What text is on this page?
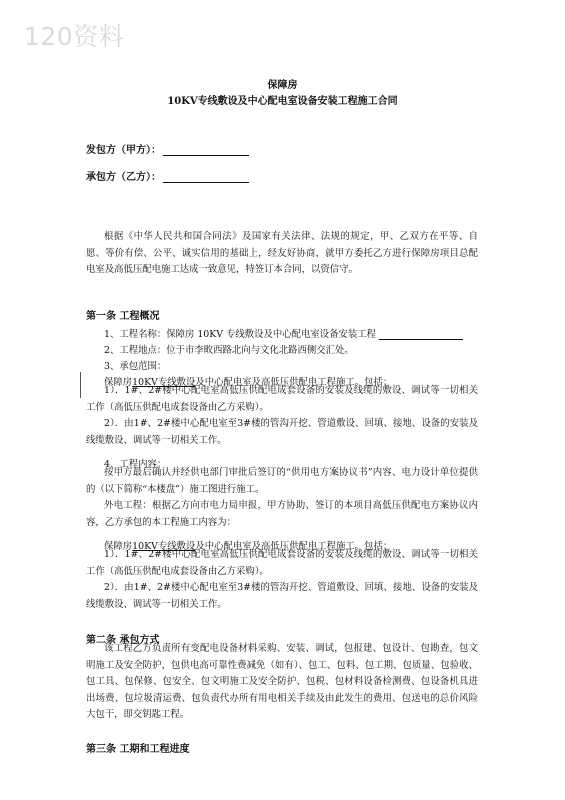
120资料
保障房
10KV专线敷设及中心配电室设备安装工程施工合同
发包方（甲方）：
承包方（乙方）：
根据《中华人民共和国合同法》及国家有关法律、法规的规定，甲、乙双方在平等、自愿、等价有偿、公平、诚实信用的基础上，经友好协商，就甲方委托乙方进行保障房项目总配电室及高低压配电施工达成一致意见，特签订本合同，以资信守。
第一条 工程概况
1、工程名称：保障房 10KV 专线敷设及中心配电室设备安装工程
2、工程地点：位于市李畋西路北向与文化北路西侧交汇处。
3、承包范围：
保障房10KV专线敷设及中心配电室及高低压供配电工程施工。包括：
1）．1#、2#楼中心配电室高低压供配电成套设备的安装及线缆的敷设、调试等一切相关工作（高低压供配电成套设备由乙方采购）。
2）．由1#、2#楼中心配电室至3#楼的管沟开挖、管道敷设、回填、接地、设备的安装及线缆敷设、调试等一切相关工作。
4、工程内容：
按甲方最后确认并经供电部门审批后签订的“供用电方案协议书”内容、电力设计单位提供的（以下简称“本楼盘”）施工图进行施工。
外电工程：根据乙方向市电力局申报，甲方协助、签订的本项目高低压供配电方案协议内容，乙方承包的本工程施工内容为：
保障房10KV专线敷设及中心配电室及高低压供配电工程施工。包括：
1）．1#、2#楼中心配电室高低压供配电成套设备的安装及线缆的敷设、调试等一切相关工作（高低压供配电成套设备由乙方采购）。
2）．由1#、2#楼中心配电室至3#楼的管沟开挖、管道敷设、回填、接地、设备的安装及线缆敷设、调试等一切相关工作。
第二条 承包方式
该工程乙方负责所有变配电设备材料采购、安装、调试，包报建、包设计、包勘查，包文明施工及安全防护，包供电高可靠性费减免（如有）、包工、包料、包工期、包质量、包验收、包工具、包保修、包安全、包文明施工及安全防护、包税、包材料设备检测费、包设备机具进出场费、包垃圾清运费、包负责代办所有用电相关手续及由此发生的费用、包送电的总价风险大包干，即交钥匙工程。
第三条 工期和工程进度
